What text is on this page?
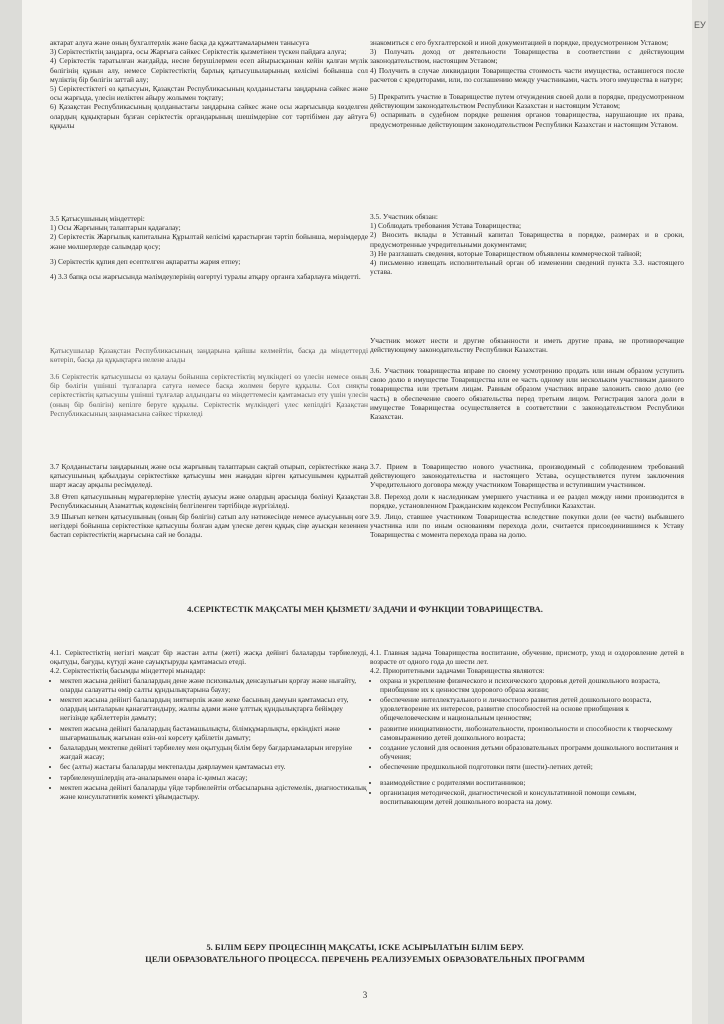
ЕУ

актарат алуға және оның бухгалтерлік және басқа да құжаттамаларымен танысуға

3) Серіктестіктің заңдарға, осы Жарғыға сәйкес Серіктестік қызметінен түскен пайдаға алуға;

4) Серіктестік таратылған жағдайда, несие берушілермен есеп айырысқаннан кейін қалған мүлік бөлігінің құнын алу, немесе Серіктестіктің барлық қатысушыларының келісімі бойынша сол мүліктің бір бөлігін заттай алу;

5) Серіктестіктегі өз қатысуын, Қазақстан Республикасының қолданыстағы заңдарына сәйкес және осы жарғыда, үлесін иеліктен айыру жолымен тоқтату;

6) Қазақстан Республикасының қолданыстағы заңдарына сәйкес және осы жарғысында көзделген олардың құқықтарын бұзған серіктестік органдарының шешімдеріне сот тәртібімен дау айтуға құқылы

3.5 Қатысушының міндеттері:

1) Осы Жарғының талаптарын қадағалау;

2) Серіктестік Жарғылық капиталына Құрылтай келісімі қарастырған тәртіп бойынша, мерзімдерде және мөлшерлерде салымдар қосу;

3) Серіктестік құпия деп есептелген ақпаратты жария етпеу;

4) 3.3 бапқа осы жарғысында мәлімдеулерінің өзгертуі туралы атқару органға хабарлауға міндетті.

Қатысушылар Қазақстан Республикасының заңдарына қайшы келмейтін, басқа да міндеттерді көтеріп, басқа да құқықтарға иелене алады

3.6 Серіктестік қатысушысы өз қалауы бойынша серіктестіктің мүлкіндегі өз үлесін немесе оның бір бөлігін үшінші тұлғаларға сатуға немесе басқа жолмен беруге құқылы. Сол сияқты серіктестіктің қатысушы үшінші тұлғалар алдындағы өз міндеттемесін қамтамасыз ету үшін үлесін (оның бір бөлігін) кепілге беруге құқылы. Серіктестік мүлкіндегі үлес кепілдігі Қазақстан Республикасының заңнамасына сәйкес тіркеледі

3.7 Қолданыстағы заңдарының және осы жарғының талаптарын сақтай отырып, серіктестікке жаңа қатысушының қабылдауы серіктестікке қатысушы мен жаңадан кірген қатысушымен құрылтай шарт жасау арқылы ресімделеді.

3.8 Өтеп қатысушының мұрагерлеріне үлестің ауысуы және олардың арасында бөлінуі Қазақстан Республикасының Азаматтық кодексінің белгіленген тәртібінде жүргізіледі.

3.9 Шығып кеткен қатысушының (оның бір бөлігін) сатып алу нәтижесінде немесе ауысуының өзге негіздері бойынша серіктестікке қатысушы болған адам үлеске деген құқық сіңе ауысқан кезеннен бастап серіктестіктің жарғысына сай не болады.

знакомиться с его бухгалтерской и иной документацией в порядке, предусмотренном Уставом;

3) Получать доход от деятельности Товарищества в соответствии с действующим законодательством, настоящим Уставом;

4) Получить в случае ликвидации Товарищества стоимость части имущества, оставшегося после расчетов с кредиторами, или, по соглашению между участниками, часть этого имущества в натуре;

5) Прекратить участие в Товариществе путем отчуждения своей доли в порядке, предусмотренном действующим законодательством Республики Казахстан и настоящим Уставом;

6) оспаривать в судебном порядке решения органов товарищества, нарушающие их права, предусмотренные действующим законодательством Республики Казахстан и настоящим Уставом.

3.5. Участник обязан:

1) Соблюдать требования Устава Товарищества;

2) Вносить вклады в Уставный капитал Товарищества в порядке, размерах и в сроки, предусмотренные учредительными документами;

3) Не разглашать сведения, которые Товариществом объявлены коммерческой тайной;

4) письменно извещать исполнительный орган об изменении сведений пункта 3.3. настоящего устава.

Участник может нести и другие обязанности и иметь другие права, не противоречащие действующему законодательству Республики Казахстан.

3.6. Участник товарищества вправе по своему усмотрению продать или иным образом уступить свою долю в имуществе Товарищества или ее часть одному или нескольким участникам данного товарищества или третьим лицам. Равным образом участник вправе заложить свою долю (ее часть) в обеспечение своего обязательства перед третьим лицом. Регистрация залога доли в имуществе Товарищества осуществляется в соответствии с законодательством Республики Казахстан.

3.7. Прием в Товарищество нового участника, производимый с соблюдением требований действующего законодательства и настоящего Устава, осуществляется путем заключения Учредительного договора между участником Товарищества и вступившим участником.

3.8. Переход доли к наследникам умершего участника и ее раздел между ними производится в порядке, установленном Гражданским кодексом Республики Казахстан.

3.9. Лицо, ставшее участником Товарищества вследствие покупки доли (ее части) выбывшего участника или по иным основаниям перехода доли, считается присоединившимся к Уставу Товарищества с момента перехода права на долю.

4.СЕРІКТЕСТІК МАҚСАТЫ МЕН ҚЫЗМЕТІ/ ЗАДАЧИ И ФУНКЦИИ ТОВАРИЩЕСТВА.

4.1. Серіктестіктің негізгі мақсат бір жастан алты (жеті) жасқа дейінгі балаларды тәрбиелеуді, оқытуды, бағуды, күтуді және сауықтыруды қамтамасыз етеді.

4.2. Серіктестіктің басымды міндеттері мынадар:

• мектеп жасына дейінгі балалардың дене және психикалық денсаулығын қорғау және нығайту, оларды салауатты өмір салты құндылықтарына баулу;
• мектеп жасына дейінгі балалардың зияткерлік және жеке басының дамуын қамтамасыз ету, олардың ынталарын қанағаттандыру, жалпы адами және ұлттық құндылықтарға бейімдеу негізінде қабілеттерін дамыту;
• мектеп жасына дейінгі балалардың бастамашылықты, білімқұмарлықты, еркіндікті және шығармашылық жағынан өзін-өзі көрсету қабілетін дамыту;
• балалардың мектепке дейінгі тәрбиелеу мен оқытудың білім беру бағдарламаларын игеруіне жағдай жасау;
• бес (алты) жастағы балаларды мектепалды даярлаумен қамтамасыз ету.
• тәрбиеленушілердің ата-аналарымен өзара іс-қимыл жасау;
• мектеп жасына дейінгі балаларды үйде тәрбиелейтін отбасыларына әдістемелік, диагностикалық және консультативтік көмекті ұйымдастыру.

4.1. Главная задача Товарищества воспитание, обучение, присмотр, уход и оздоровление детей в возрасте от одного года до шести лет.

4.2. Приоритетными задачами Товарищества являются:

• охрана и укрепление физического и психического здоровья детей дошкольного возраста, приобщение их к ценностям здорового образа жизни;
• обеспечение интеллектуального и личностного развития детей дошкольного возраста, удовлетворение их интересов, развитие способностей на основе приобщения к общечеловеческим и национальным ценностям;
• развитие инициативности, любознательности, произвольности и способности к творческому самовыражению детей дошкольного возраста;
• создание условий для освоения детьми образовательных программ дошкольного воспитания и обучения;
• обеспечение предшкольной подготовки пяти (шести)-летних детей;
• взаимодействие с родителями воспитанников;
• организация методической, диагностической и консультативной помощи семьям, воспитывающим детей дошкольного возраста на дому.
5. БІЛІМ БЕРУ ПРОЦЕСІНІҢ МАҚСАТЫ, ІСКЕ АСЫРЫЛАТЫН БІЛІМ БЕРУ.
ЦЕЛИ ОБРАЗОВАТЕЛЬНОГО ПРОЦЕССА. ПЕРЕЧЕНЬ РЕАЛИЗУЕМЫХ ОБРАЗОВАТЕЛЬНЫХ ПРОГРАММ
3
